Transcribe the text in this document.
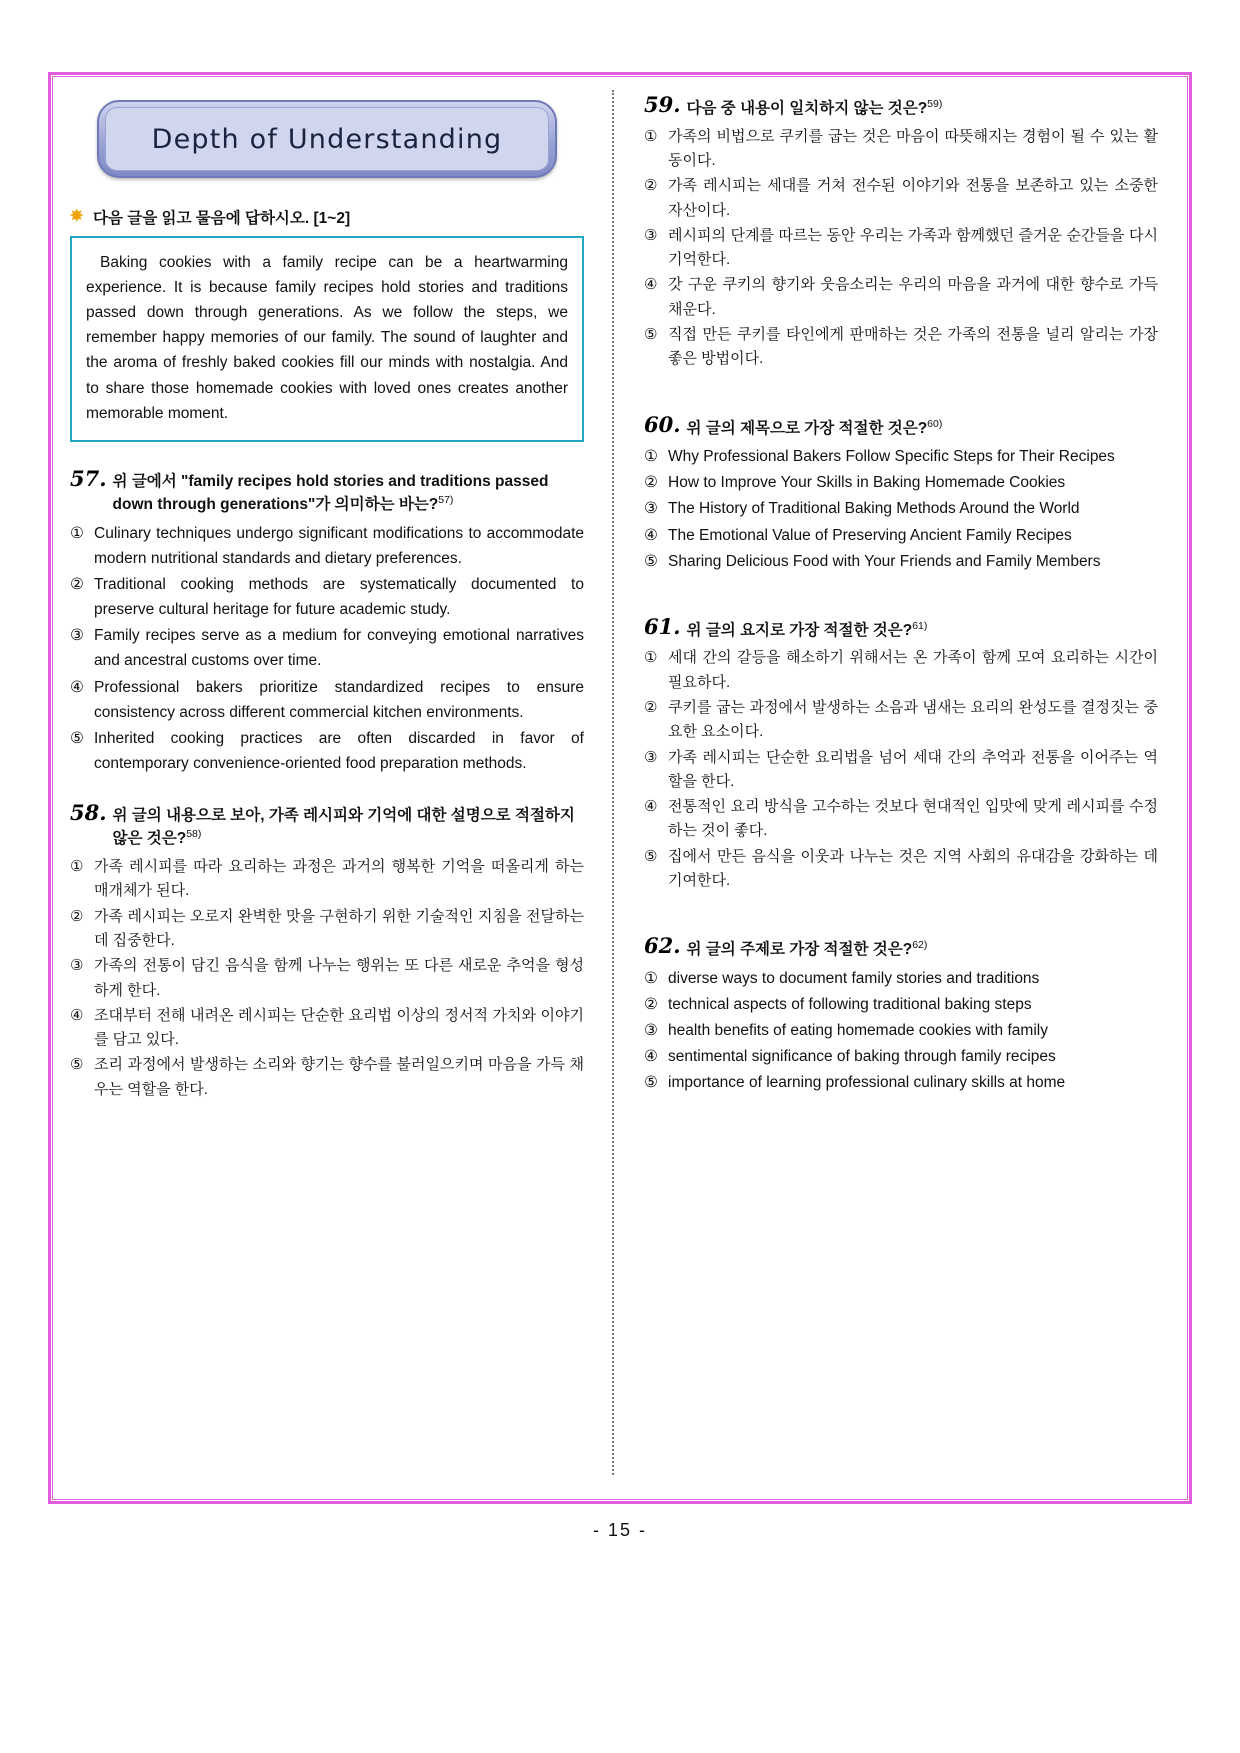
Depth of Understanding
✸ 다음 글을 읽고 물음에 답하시오. [1~2]

Baking cookies with a family recipe can be a heartwarming experience. It is because family recipes hold stories and traditions passed down through generations. As we follow the steps, we remember happy memories of our family. The sound of laughter and the aroma of freshly baked cookies fill our minds with nostalgia. And to share those homemade cookies with loved ones creates another memorable moment.

57. 위 글에서 "family recipes hold stories and traditions passed down through generations"가 의미하는 바는?$^{57)}$
① Culinary techniques undergo significant modifications to accommodate modern nutritional standards and dietary preferences.
② Traditional cooking methods are systematically documented to preserve cultural heritage for future academic study.
③ Family recipes serve as a medium for conveying emotional narratives and ancestral customs over time.
④ Professional bakers prioritize standardized recipes to ensure consistency across different commercial kitchen environments.
⑤ Inherited cooking practices are often discarded in favor of contemporary convenience-oriented food preparation methods.
58. 위 글의 내용으로 보아, 가족 레시피와 기억에 대한 설명으로 적절하지 않은 것은?$^{58)}$
① 가족 레시피를 따라 요리하는 과정은 과거의 행복한 기억을 떠올리게 하는 매개체가 된다.
② 가족 레시피는 오로지 완벽한 맛을 구현하기 위한 기술적인 지침을 전달하는 데 집중한다.
③ 가족의 전통이 담긴 음식을 함께 나누는 행위는 또 다른 새로운 추억을 형성하게 한다.
④ 조대부터 전해 내려온 레시피는 단순한 요리법 이상의 정서적 가치와 이야기를 담고 있다.
⑤ 조리 과정에서 발생하는 소리와 향기는 향수를 불러일으키며 마음을 가득 채우는 역할을 한다.
59. 다음 중 내용이 일치하지 않는 것은?$^{59)}$
① 가족의 비법으로 쿠키를 굽는 것은 마음이 따뜻해지는 경험이 될 수 있는 활동이다.
② 가족 레시피는 세대를 거쳐 전수된 이야기와 전통을 보존하고 있는 소중한 자산이다.
③ 레시피의 단계를 따르는 동안 우리는 가족과 함께했던 즐거운 순간들을 다시 기억한다.
④ 갓 구운 쿠키의 향기와 웃음소리는 우리의 마음을 과거에 대한 향수로 가득 채운다.
⑤ 직접 만든 쿠키를 타인에게 판매하는 것은 가족의 전통을 널리 알리는 가장 좋은 방법이다.
60. 위 글의 제목으로 가장 적절한 것은?$^{60)}$
① Why Professional Bakers Follow Specific Steps for Their Recipes
② How to Improve Your Skills in Baking Homemade Cookies
③ The History of Traditional Baking Methods Around the World
④ The Emotional Value of Preserving Ancient Family Recipes
⑤ Sharing Delicious Food with Your Friends and Family Members
61. 위 글의 요지로 가장 적절한 것은?$^{61)}$
① 세대 간의 갈등을 해소하기 위해서는 온 가족이 함께 모여 요리하는 시간이 필요하다.
② 쿠키를 굽는 과정에서 발생하는 소음과 냄새는 요리의 완성도를 결정짓는 중요한 요소이다.
③ 가족 레시피는 단순한 요리법을 넘어 세대 간의 추억과 전통을 이어주는 역할을 한다.
④ 전통적인 요리 방식을 고수하는 것보다 현대적인 입맛에 맞게 레시피를 수정하는 것이 좋다.
⑤ 집에서 만든 음식을 이웃과 나누는 것은 지역 사회의 유대감을 강화하는 데 기여한다.
62. 위 글의 주제로 가장 적절한 것은?$^{62)}$
① diverse ways to document family stories and traditions
② technical aspects of following traditional baking steps
③ health benefits of eating homemade cookies with family
④ sentimental significance of baking through family recipes
⑤ importance of learning professional culinary skills at home
- 15 -
